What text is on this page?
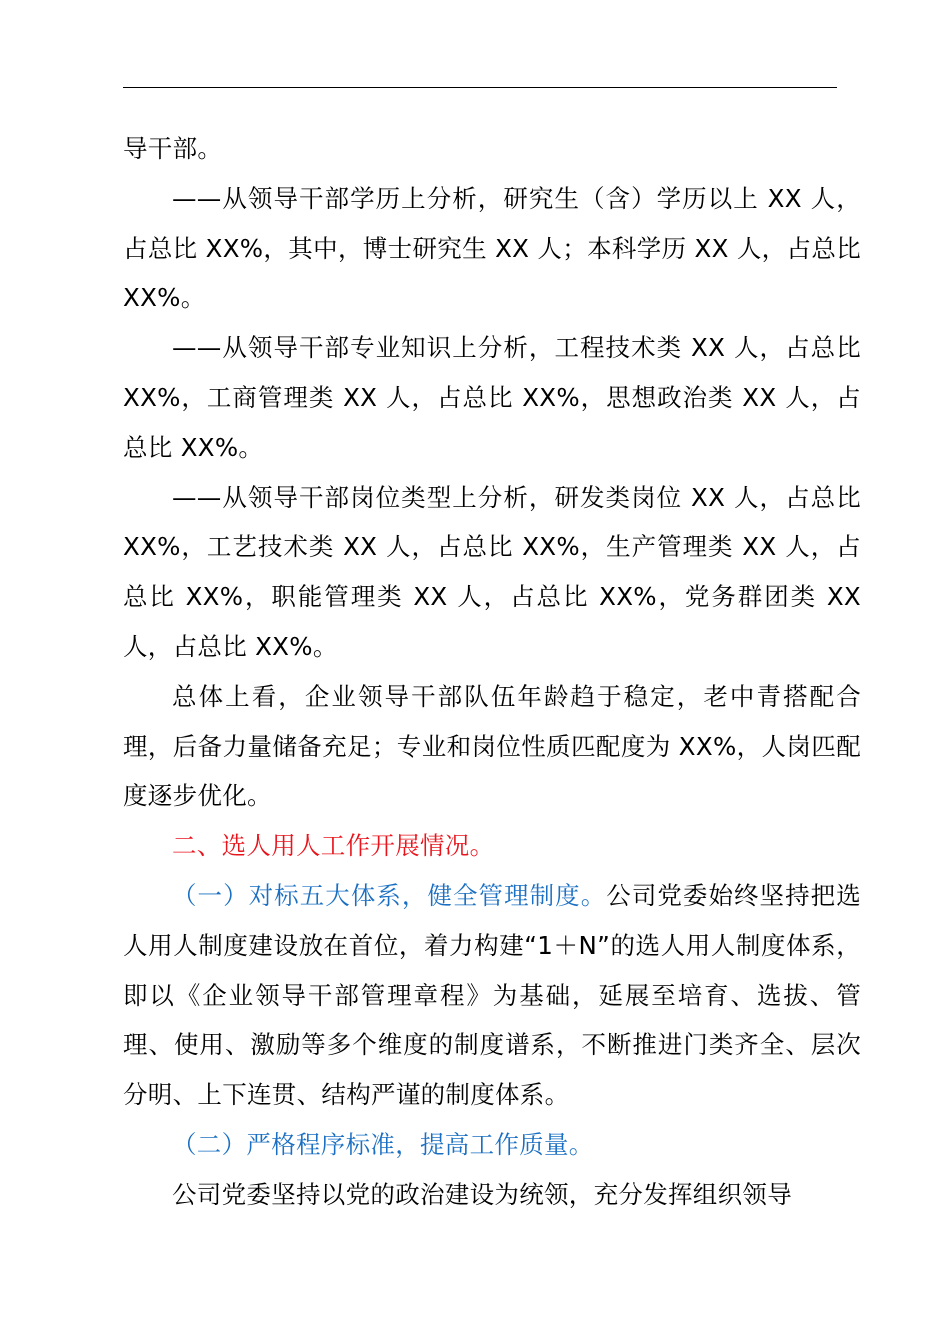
导干部。

——从领导干部学历上分析，研究生（含）学历以上 XX 人，占总比 XX%，其中，博士研究生 XX 人；本科学历 XX 人，占总比 XX%。

——从领导干部专业知识上分析，工程技术类 XX 人，占总比 XX%，工商管理类 XX 人，占总比 XX%，思想政治类 XX 人，占总比 XX%。

——从领导干部岗位类型上分析，研发类岗位 XX 人，占总比 XX%，工艺技术类 XX 人，占总比 XX%，生产管理类 XX 人，占总比 XX%，职能管理类 XX 人，占总比 XX%，党务群团类 XX 人，占总比 XX%。

总体上看，企业领导干部队伍年龄趋于稳定，老中青搭配合理，后备力量储备充足；专业和岗位性质匹配度为 XX%，人岗匹配度逐步优化。

二、选人用人工作开展情况。

（一）对标五大体系，健全管理制度。公司党委始终坚持把选人用人制度建设放在首位，着力构建“1＋N”的选人用人制度体系，即以《企业领导干部管理章程》为基础，延展至培育、选拔、管理、使用、激励等多个维度的制度谱系，不断推进门类齐全、层次分明、上下连贯、结构严谨的制度体系。

（二）严格程序标准，提高工作质量。

公司党委坚持以党的政治建设为统领，充分发挥组织领导
